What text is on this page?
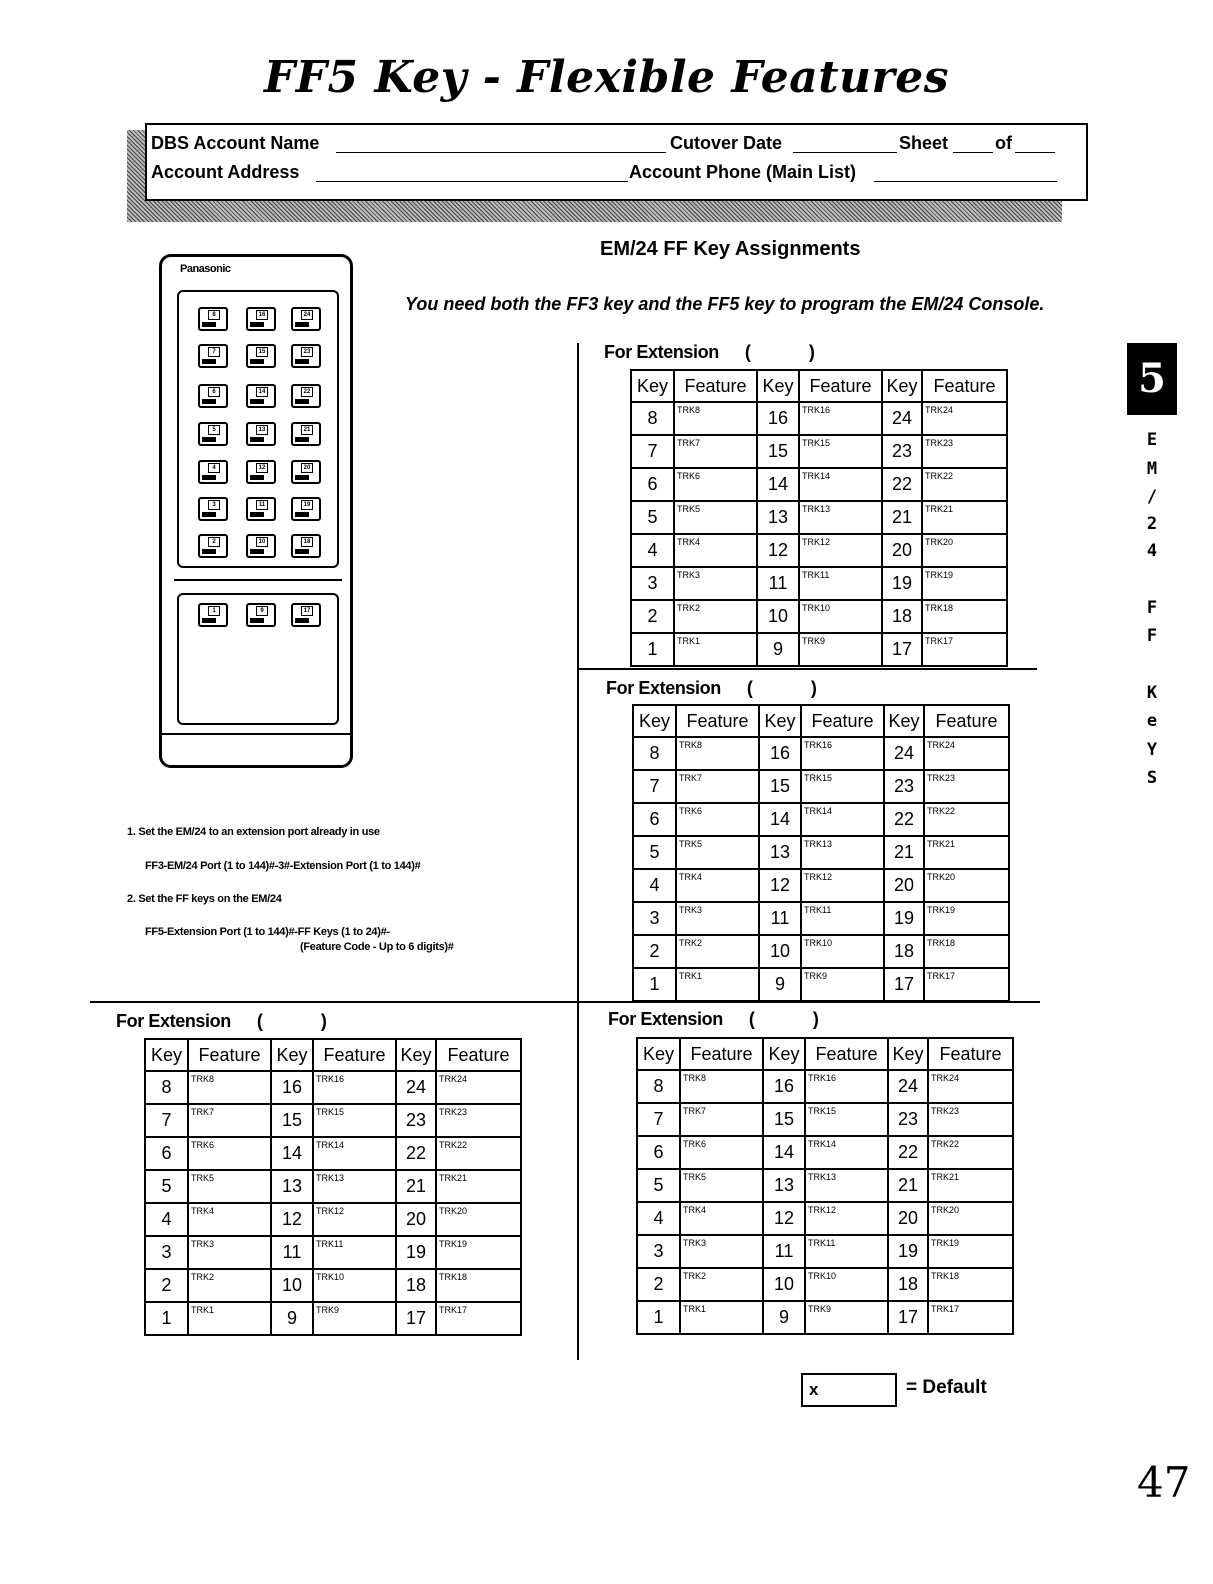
FF5 Key - Flexible Features
DBS Account Name	Cutover Date	Sheet	of
Account Address	Account Phone (Main List)
EM/24 FF Key Assignments
You need both the FF3 key and the FF5 key to program the EM/24 Console.
Panasonic
8	16	24
7	15	23
6	14	22
5	13	21
4	12	20
3	11	19
2	10	18
1	9	17
1. Set the EM/24 to an extension port already in use
FF3-EM/24 Port (1 to 144)#-3#-Extension Port (1 to 144)#
2. Set the FF keys on the EM/24
FF5-Extension Port (1 to 144)#-FF Keys (1 to 24)#-
(Feature Code - Up to 6 digits)#
For Extension (	)
Key	Feature	Key	Feature	Key	Feature
8	TRK8	16	TRK16	24	TRK24
7	TRK7	15	TRK15	23	TRK23
6	TRK6	14	TRK14	22	TRK22
5	TRK5	13	TRK13	21	TRK21
4	TRK4	12	TRK12	20	TRK20
3	TRK3	11	TRK11	19	TRK19
2	TRK2	10	TRK10	18	TRK18
1	TRK1	9	TRK9	17	TRK17
For Extension (	)
Key	Feature	Key	Feature	Key	Feature
8	TRK8	16	TRK16	24	TRK24
7	TRK7	15	TRK15	23	TRK23
6	TRK6	14	TRK14	22	TRK22
5	TRK5	13	TRK13	21	TRK21
4	TRK4	12	TRK12	20	TRK20
3	TRK3	11	TRK11	19	TRK19
2	TRK2	10	TRK10	18	TRK18
1	TRK1	9	TRK9	17	TRK17
For Extension (	)
Key	Feature	Key	Feature	Key	Feature
8	TRK8	16	TRK16	24	TRK24
7	TRK7	15	TRK15	23	TRK23
6	TRK6	14	TRK14	22	TRK22
5	TRK5	13	TRK13	21	TRK21
4	TRK4	12	TRK12	20	TRK20
3	TRK3	11	TRK11	19	TRK19
2	TRK2	10	TRK10	18	TRK18
1	TRK1	9	TRK9	17	TRK17
For Extension (	)
Key	Feature	Key	Feature	Key	Feature
8	TRK8	16	TRK16	24	TRK24
7	TRK7	15	TRK15	23	TRK23
6	TRK6	14	TRK14	22	TRK22
5	TRK5	13	TRK13	21	TRK21
4	TRK4	12	TRK12	20	TRK20
3	TRK3	11	TRK11	19	TRK19
2	TRK2	10	TRK10	18	TRK18
1	TRK1	9	TRK9	17	TRK17
5
E
M
/
2
4
F
F
K
e
Y
S
x	= Default
47
